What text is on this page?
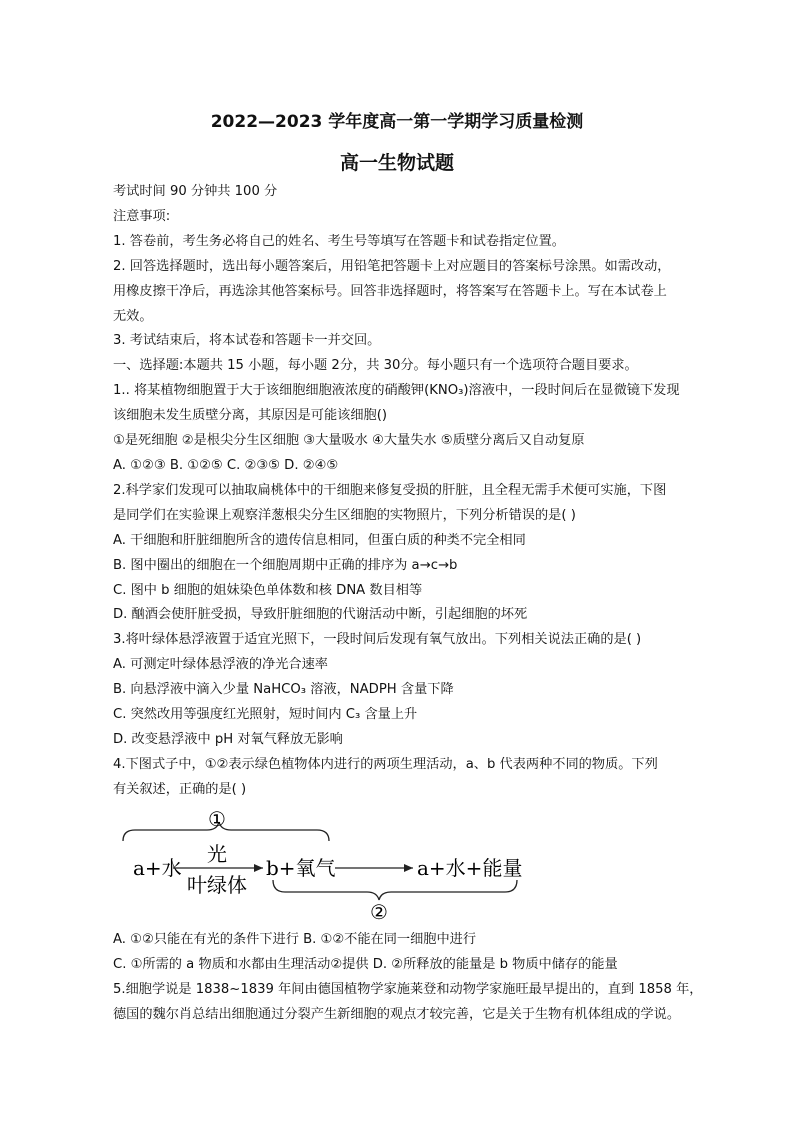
2022—2023 学年度高一第一学期学习质量检测
高一生物试题

考试时间 90 分钟共 100 分

注意事项:

1. 答卷前，考生务必将自己的姓名、考生号等填写在答题卡和试卷指定位置。

2. 回答选择题时，选出每小题答案后，用铅笔把答题卡上对应题目的答案标号涂黑。如需改动，

用橡皮擦干净后，再选涂其他答案标号。回答非选择题时，将答案写在答题卡上。写在本试卷上

无效。

3. 考试结束后，将本试卷和答题卡一并交回。

一、选择题:本题共 15 小题，每小题 2分，共 30分。每小题只有一个选项符合题目要求。

1.. 将某植物细胞置于大于该细胞细胞液浓度的硝酸钾(KNO₃)溶液中，一段时间后在显微镜下发现

该细胞未发生质壁分离，其原因是可能该细胞()

①是死细胞 ②是根尖分生区细胞 ③大量吸水 ④大量失水 ⑤质壁分离后又自动复原

A. ①②③ B. ①②⑤ C. ②③⑤ D. ②④⑤

2.科学家们发现可以抽取扁桃体中的干细胞来修复受损的肝脏，且全程无需手术便可实施，下图

是同学们在实验课上观察洋葱根尖分生区细胞的实物照片，下列分析错误的是( )

A. 干细胞和肝脏细胞所含的遗传信息相同，但蛋白质的种类不完全相同

B. 图中圈出的细胞在一个细胞周期中正确的排序为 a→c→b

C. 图中 b 细胞的姐妹染色单体数和核 DNA 数目相等

D. 酗酒会使肝脏受损，导致肝脏细胞的代谢活动中断，引起细胞的坏死

3.将叶绿体悬浮液置于适宜光照下，一段时间后发现有氧气放出。下列相关说法正确的是( )

A. 可测定叶绿体悬浮液的净光合速率

B. 向悬浮液中滴入少量 NaHCO₃ 溶液，NADPH 含量下降

C. 突然改用等强度红光照射，短时间内 C₃ 含量上升

D. 改变悬浮液中 pH 对氧气释放无影响

4.下图式子中，①②表示绿色植物体内进行的两项生理活动，a、b 代表两种不同的物质。下列

有关叙述，正确的是( )

①
a+水
光
叶绿体
b+氧气	a+水+能量
②

A. ①②只能在有光的条件下进行 B. ①②不能在同一细胞中进行

C. ①所需的 a 物质和水都由生理活动②提供 D. ②所释放的能量是 b 物质中储存的能量

5.细胞学说是 1838~1839 年间由德国植物学家施莱登和动物学家施旺最早提出的，直到 1858 年，

德国的魏尔肖总结出细胞通过分裂产生新细胞的观点才较完善，它是关于生物有机体组成的学说。
